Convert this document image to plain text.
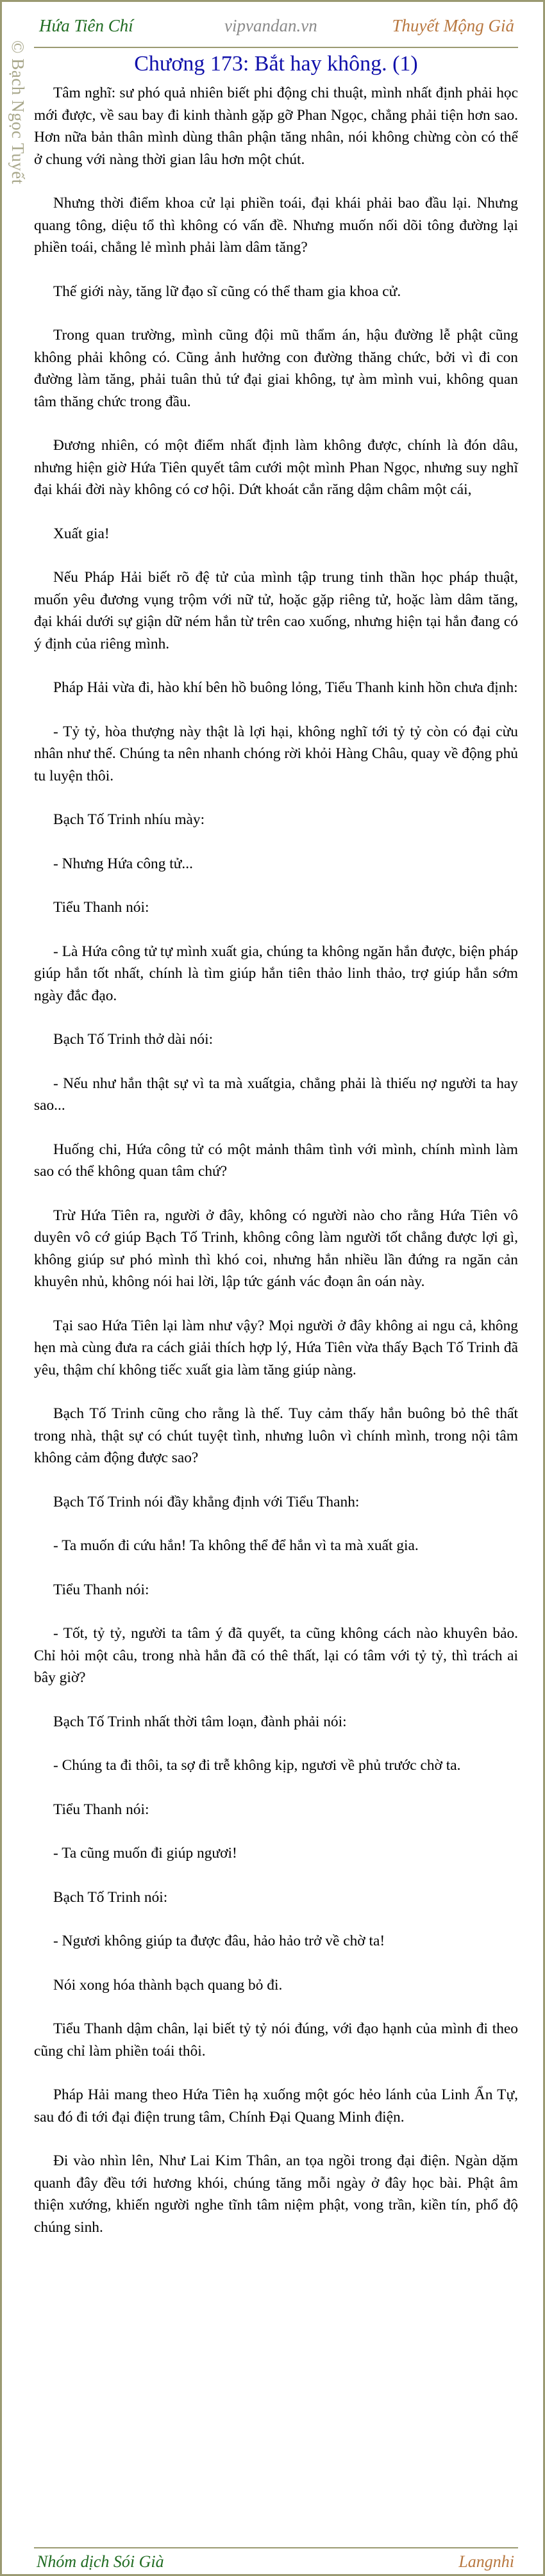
© Bạch Ngọc Tuyết
Hứa Tiên Chí	vipvandan.vn	Thuyết Mộng Giả
Chương 173: Bắt hay không. (1)

Tâm nghĩ: sư phó quả nhiên biết phi động chi thuật, mình nhất định phải học mới được, về sau bay đi kinh thành gặp gỡ Phan Ngọc, chẳng phải tiện hơn sao. Hơn nữa bản thân mình dùng thân phận tăng nhân, nói không chừng còn có thể ở chung với nàng thời gian lâu hơn một chút.

Nhưng thời điểm khoa cử lại phiền toái, đại khái phải bao đầu lại. Nhưng quang tông, diệu tổ thì không có vấn đề. Nhưng muốn nối dõi tông đường lại phiền toái, chẳng lẻ mình phải làm dâm tăng?

Thế giới này, tăng lữ đạo sĩ cũng có thể tham gia khoa cử.

Trong quan trường, mình cũng đội mũ thẩm án, hậu đường lễ phật cũng không phải không có. Cũng ảnh hưởng con đường thăng chức, bởi vì đi con đường làm tăng, phải tuân thủ tứ đại giai không, tự àm mình vui, không quan tâm thăng chức trong đầu.

Đương nhiên, có một điểm nhất định làm không được, chính là đón dâu, nhưng hiện giờ Hứa Tiên quyết tâm cưới một mình Phan Ngọc, nhưng suy nghĩ đại khái đời này không có cơ hội. Dứt khoát cắn răng dậm châm một cái,

Xuất gia!

Nếu Pháp Hải biết rõ đệ tử của mình tập trung tinh thần học pháp thuật, muốn yêu đương vụng trộm với nữ tử, hoặc gặp riêng tử, hoặc làm dâm tăng, đại khái dưới sự giận dữ ném hắn từ trên cao xuống, nhưng hiện tại hắn đang có ý định của riêng mình.

Pháp Hải vừa đi, hào khí bên hồ buông lỏng, Tiểu Thanh kinh hồn chưa định:

- Tỷ tỷ, hòa thượng này thật là lợi hại, không nghĩ tới tỷ tỷ còn có đại cừu nhân như thế. Chúng ta nên nhanh chóng rời khỏi Hàng Châu, quay về động phủ tu luyện thôi.

Bạch Tố Trinh nhíu mày:

- Nhưng Hứa công tử...

Tiểu Thanh nói:

- Là Hứa công tử tự mình xuất gia, chúng ta không ngăn hắn được, biện pháp giúp hắn tốt nhất, chính là tìm giúp hắn tiên thảo linh thảo, trợ giúp hắn sớm ngày đắc đạo.

Bạch Tố Trinh thở dài nói:

- Nếu như hắn thật sự vì ta mà xuấtgia, chẳng phải là thiếu nợ người ta hay sao...

Huống chi, Hứa công tử có một mảnh thâm tình với mình, chính mình làm sao có thể không quan tâm chứ?

Trừ Hứa Tiên ra, người ở đây, không có người nào cho rằng Hứa Tiên vô duyên vô cớ giúp Bạch Tố Trinh, không công làm người tốt chẳng được lợi gì, không giúp sư phó mình thì khó coi, nhưng hắn nhiều lần đứng ra ngăn cản khuyên nhủ, không nói hai lời, lập tức gánh vác đoạn ân oán này.

Tại sao Hứa Tiên lại làm như vậy? Mọi người ở đây không ai ngu cả, không hẹn mà cùng đưa ra cách giải thích hợp lý, Hứa Tiên vừa thấy Bạch Tố Trinh đã yêu, thậm chí không tiếc xuất gia làm tăng giúp nàng.

Bạch Tố Trinh cũng cho rằng là thế. Tuy cảm thấy hắn buông bỏ thê thất trong nhà, thật sự có chút tuyệt tình, nhưng luôn vì chính mình, trong nội tâm không cảm động được sao?

Bạch Tố Trinh nói đầy khẳng định với Tiểu Thanh:

- Ta muốn đi cứu hắn! Ta không thể để hắn vì ta mà xuất gia.

Tiểu Thanh nói:

- Tốt, tỷ tỷ, người ta tâm ý đã quyết, ta cũng không cách nào khuyên bảo. Chỉ hỏi một câu, trong nhà hắn đã có thê thất, lại có tâm với tỷ tỷ, thì trách ai bây giờ?

Bạch Tố Trinh nhất thời tâm loạn, đành phải nói:

- Chúng ta đi thôi, ta sợ đi trễ không kịp, ngươi về phủ trước chờ ta.

Tiểu Thanh nói:

- Ta cũng muốn đi giúp ngươi!

Bạch Tố Trinh nói:

- Ngươi không giúp ta được đâu, hảo hảo trở về chờ ta!

Nói xong hóa thành bạch quang bỏ đi.

Tiểu Thanh dậm chân, lại biết tỷ tỷ nói đúng, với đạo hạnh của mình đi theo cũng chỉ làm phiền toái thôi.

Pháp Hải mang theo Hứa Tiên hạ xuống một góc hẻo lánh của Linh Ẩn Tự, sau đó đi tới đại điện trung tâm, Chính Đại Quang Minh điện.

Đi vào nhìn lên, Như Lai Kim Thân, an tọa ngồi trong đại điện. Ngàn dặm quanh đây đều tới hương khói, chúng tăng mỗi ngày ở đây học bài. Phật âm thiện xướng, khiến người nghe tĩnh tâm niệm phật, vong trần, kiền tín, phổ độ chúng sinh.

Nhóm dịch Sói Già	Langnhi
